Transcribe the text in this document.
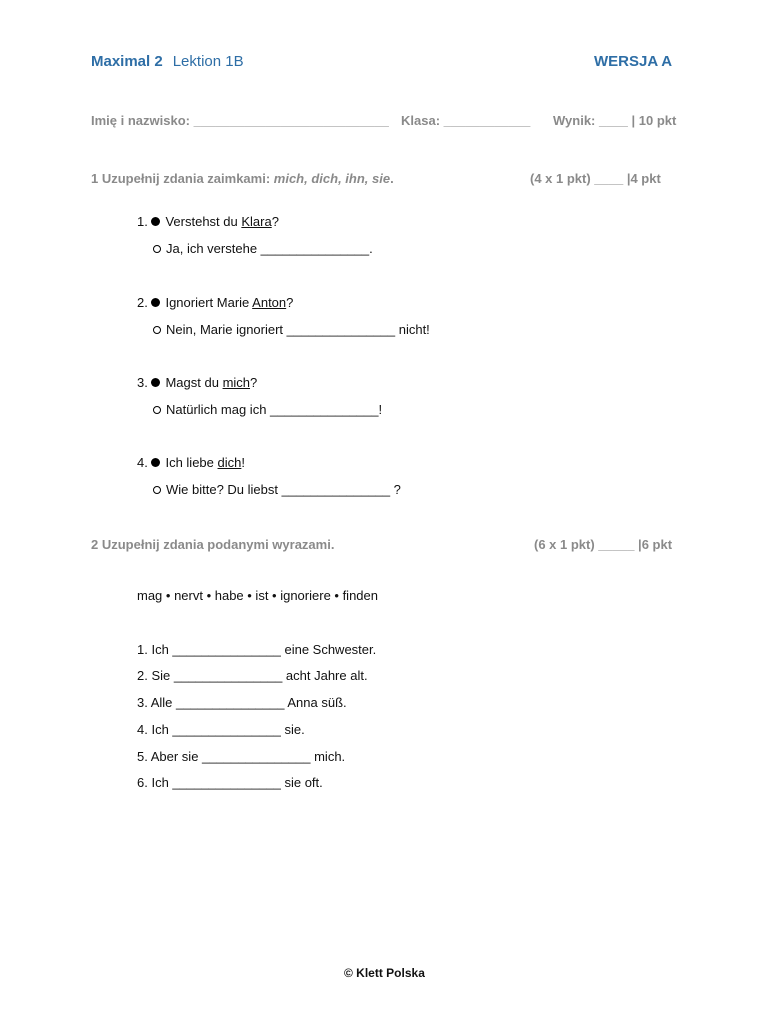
Maximal 2 Lektion 1B	WERSJA A
Imię i nazwisko: ___________________________ Klasa: ____________ Wynik: ____ | 10 pkt
1 Uzupełnij zdania zaimkami: mich, dich, ihn, sie.	(4 x 1 pkt) ____ |4 pkt
1. Verstehst du Klara?
Ja, ich verstehe _______________.
2. Ignoriert Marie Anton?
Nein, Marie ignoriert _______________ nicht!
3. Magst du mich?
Natürlich mag ich _______________!
4. Ich liebe dich!
Wie bitte? Du liebst _______________ ?
2 Uzupełnij zdania podanymi wyrazami.	(6 x 1 pkt) _____ |6 pkt
mag • nervt • habe • ist • ignoriere • finden
1. Ich _______________ eine Schwester.
2. Sie _______________ acht Jahre alt.
3. Alle _______________ Anna süß.
4. Ich _______________ sie.
5. Aber sie _______________ mich.
6. Ich _______________ sie oft.
© Klett Polska
